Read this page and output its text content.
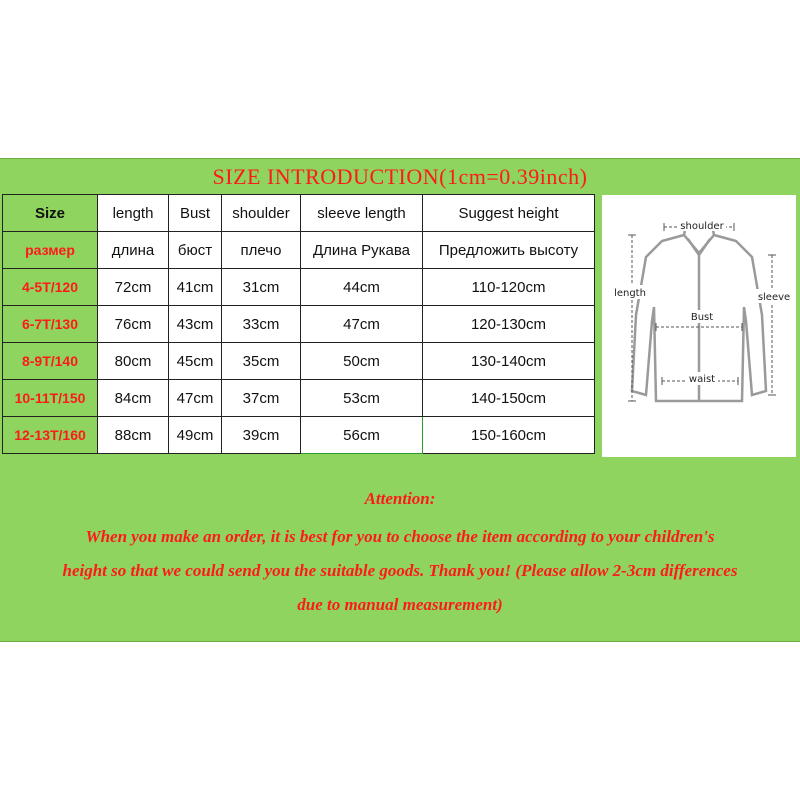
SIZE INTRODUCTION(1cm=0.39inch)
Size	length	Bust	shoulder	sleeve length	Suggest height
размер	длина	бюст	плечо	Длина Рукава	Предложить высоту
4-5T/120	72cm	41cm	31cm	44cm	110-120cm
6-7T/130	76cm	43cm	33cm	47cm	120-130cm
8-9T/140	80cm	45cm	35cm	50cm	130-140cm
10-11T/150	84cm	47cm	37cm	53cm	140-150cm
12-13T/160	88cm	49cm	39cm	56cm	150-160cm
shoulder
length	sleeve
Bust
waist
Attention:
When you make an order, it is best for you to choose the item according to your children's
height so that we could send you the suitable goods. Thank you! (Please allow 2-3cm differences
due to manual measurement)
